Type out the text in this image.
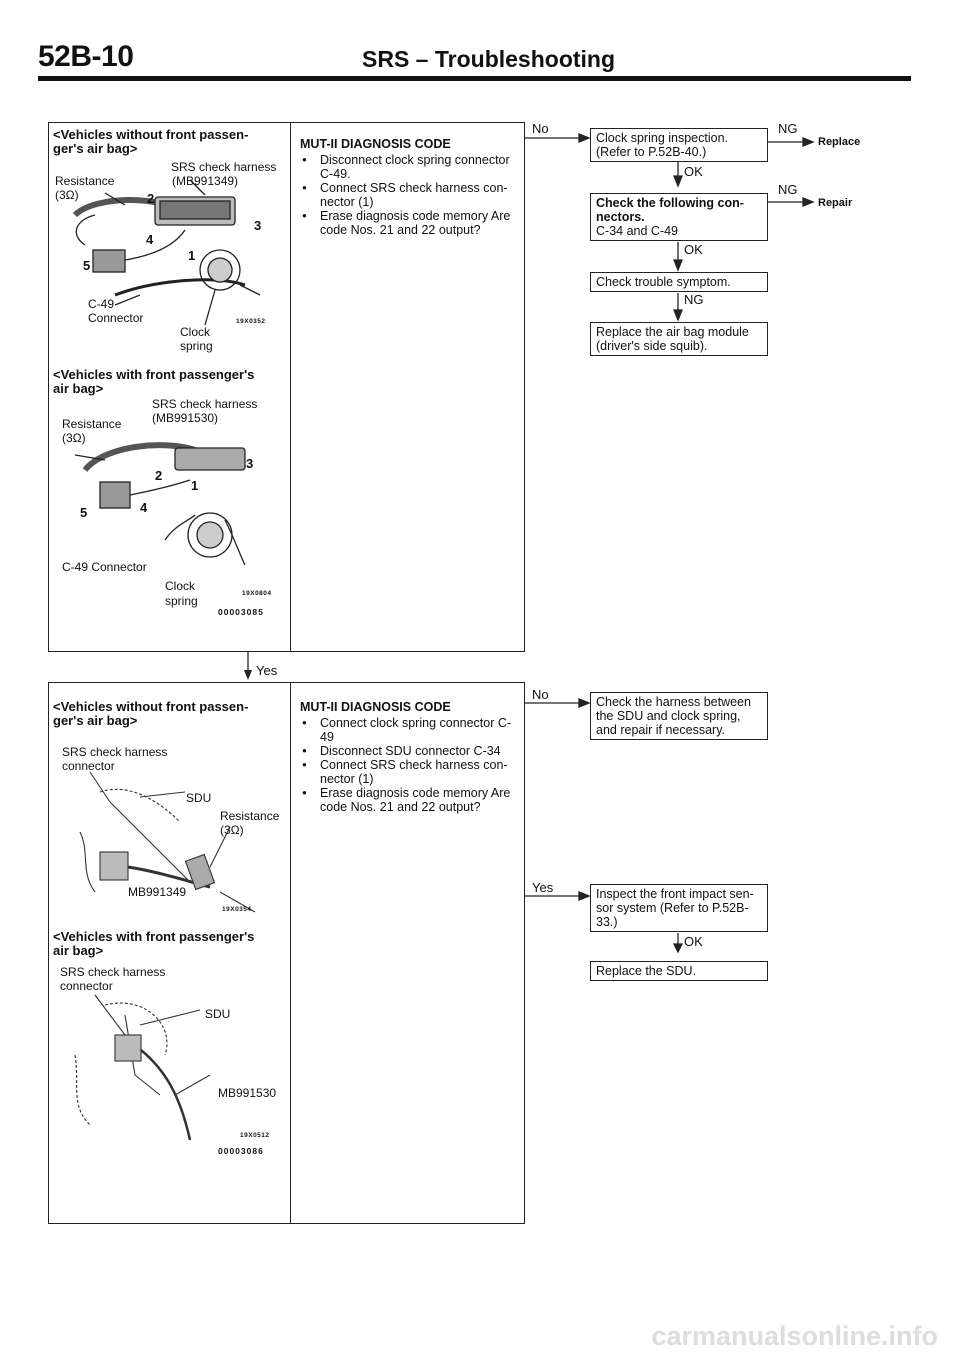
52B-10	SRS – Troubleshooting
<Vehicles without front passen-
ger's air bag>
SRS check harness
(MB991349)
Resistance
(3Ω)	2
3
4
1
5
C-49
Connector
Clock
spring
19X0352
<Vehicles with front passenger's
air bag>
SRS check harness
(MB991530)
Resistance
(3Ω)
3
2
1
4
5
C-49 Connector
Clock
spring
19X0804
00003085
MUT-II DIAGNOSIS CODE
● Disconnect clock spring connector C-49.
● Connect SRS check harness con- nector (1)
● Erase diagnosis code memory Are code Nos. 21 and 22 output?
Yes
No
Clock spring inspection. (Refer to P.52B-40.)
NG
Replace
OK
Check the following con- nectors.
C-34 and C-49
NG
Repair
OK
Check trouble symptom.
NG
Replace the air bag module (driver's side squib).
<Vehicles without front passen-
ger's air bag>
SRS check harness
connector
SDU
Resistance
(3Ω)
MB991349
19X0354
<Vehicles with front passenger's
air bag>
SRS check harness
connector
SDU
MB991530
19X0512
00003086
MUT-II DIAGNOSIS CODE
● Connect clock spring connector C-49
● Disconnect SDU connector C-34
● Connect SRS check harness con- nector (1)
● Erase diagnosis code memory Are code Nos. 21 and 22 output?
No	Check the harness between the SDU and clock spring, and repair if necessary.
Yes	Inspect the front impact sen- sor system (Refer to P.52B-33.)
OK
Replace the SDU.
carmanualsonline.info
